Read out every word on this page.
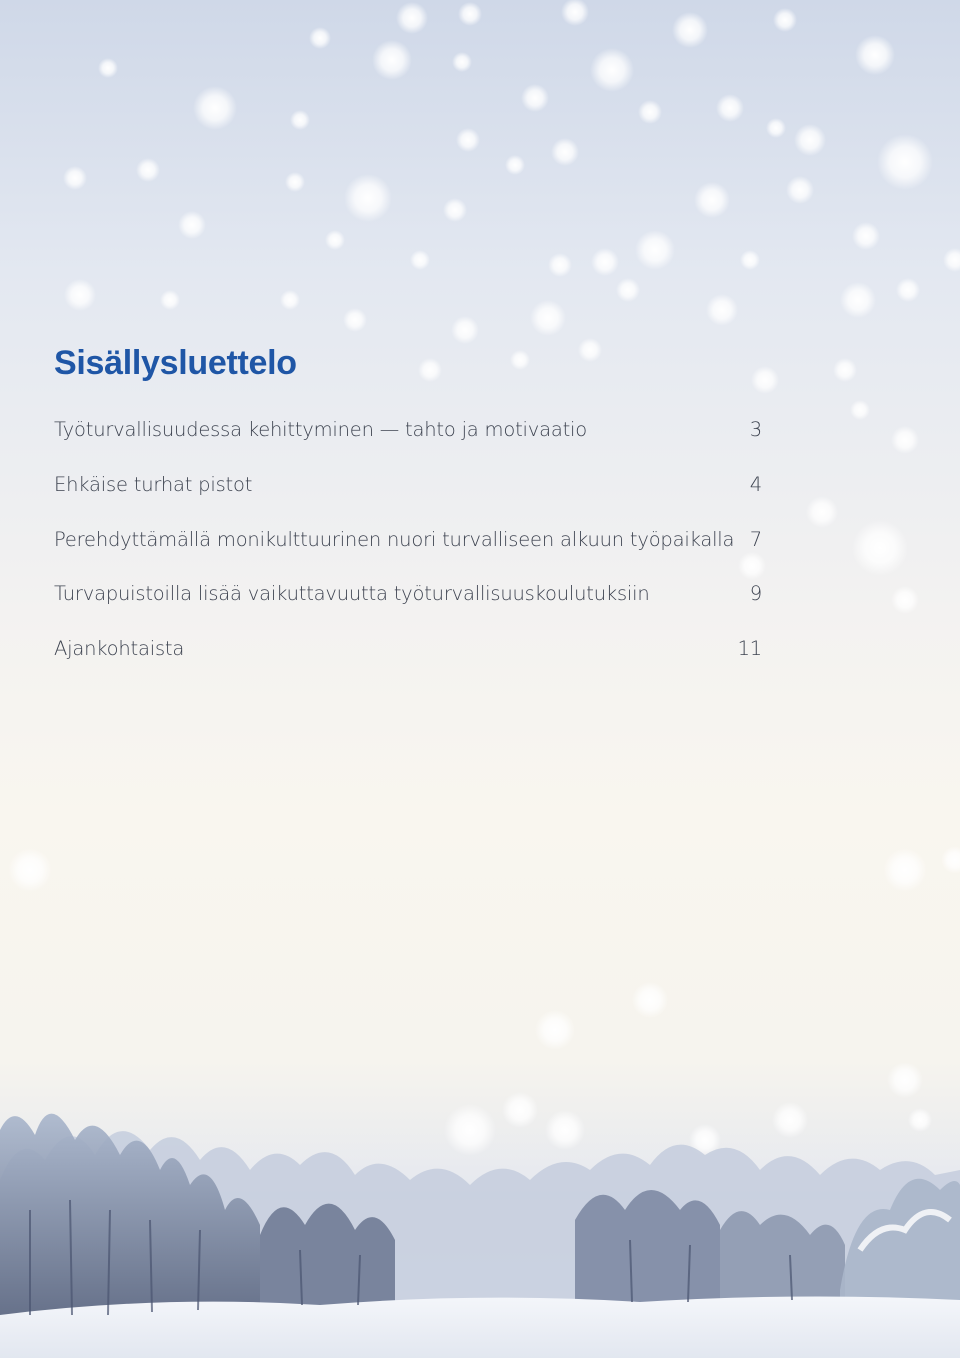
Sisällysluettelo
Työturvallisuudessa kehittyminen — tahto ja motivaatio	3
Ehkäise turhat pistot	4
Perehdyttämällä monikulttuurinen nuori turvalliseen alkuun työpaikalla 7
Turvapuistoilla lisää vaikuttavuutta työturvallisuuskoulutuksiin	9
Ajankohtaista	11
